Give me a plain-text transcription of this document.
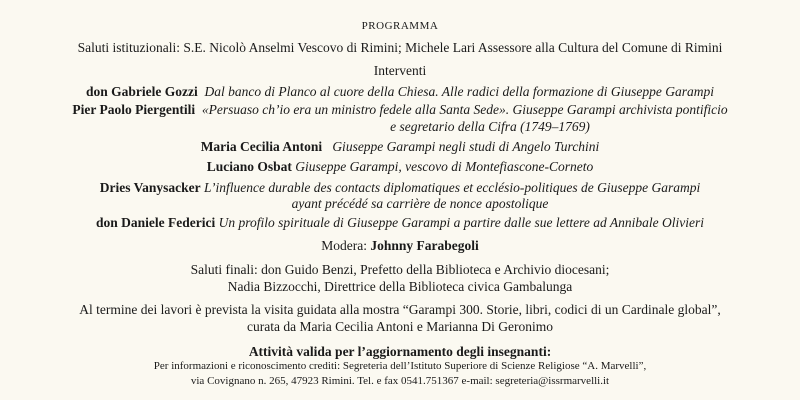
PROGRAMMA
Saluti istituzionali: S.E. Nicolò Anselmi Vescovo di Rimini; Michele Lari Assessore alla Cultura del Comune di Rimini
Interventi
don Gabriele Gozzi Dal banco di Planco al cuore della Chiesa. Alle radici della formazione di Giuseppe Garampi
Pier Paolo Piergentili «Persuaso ch’io era un ministro fedele alla Santa Sede». Giuseppe Garampi archivista pontificio
e segretario della Cifra (1749–1769)
Maria Cecilia Antoni Giuseppe Garampi negli studi di Angelo Turchini
Luciano Osbat Giuseppe Garampi, vescovo di Montefiascone-Corneto
Dries Vanysacker L’influence durable des contacts diplomatiques et ecclésio-politiques de Giuseppe Garampi
ayant précédé sa carrière de nonce apostolique
don Daniele Federici Un profilo spirituale di Giuseppe Garampi a partire dalle sue lettere ad Annibale Olivieri
Modera: Johnny Farabegoli
Saluti finali: don Guido Benzi, Prefetto della Biblioteca e Archivio diocesani;
Nadia Bizzocchi, Direttrice della Biblioteca civica Gambalunga
Al termine dei lavori è prevista la visita guidata alla mostra “Garampi 300. Storie, libri, codici di un Cardinale global”,
curata da Maria Cecilia Antoni e Marianna Di Geronimo
Attività valida per l’aggiornamento degli insegnanti:
Per informazioni e riconoscimento crediti: Segreteria dell’Istituto Superiore di Scienze Religiose “A. Marvelli”,
via Covignano n. 265, 47923 Rimini. Tel. e fax 0541.751367 e-mail: segreteria@issrmarvelli.it
